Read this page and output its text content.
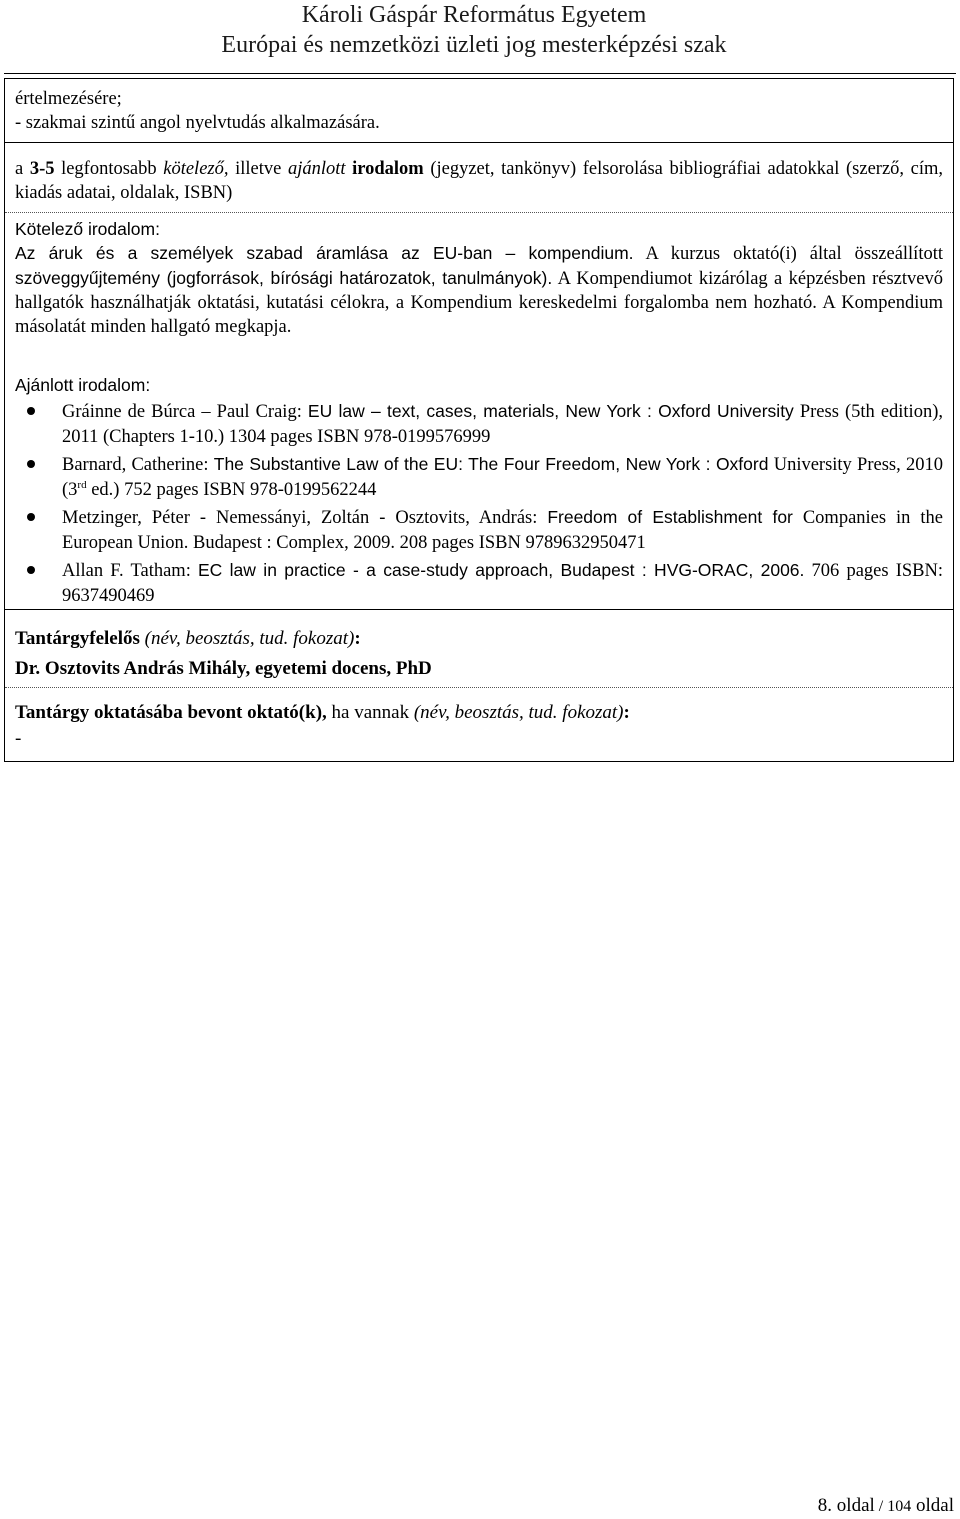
Károli Gáspár Református Egyetem
Európai és nemzetközi üzleti jog mesterképzési szak
értelmezésére;
- szakmai szintű angol nyelvtudás alkalmazására.
a 3-5 legfontosabb kötelező, illetve ajánlott irodalom (jegyzet, tankönyv) felsorolása bibliográfiai adatokkal (szerző, cím, kiadás adatai, oldalak, ISBN)
Kötelező irodalom:
Az áruk és a személyek szabad áramlása az EU-ban – kompendium. A kurzus oktató(i) által összeállított szöveggyűjtemény (jogforrások, bírósági határozatok, tanulmányok). A Kompendiumot kizárólag a képzésben résztvevő hallgatók használhatják oktatási, kutatási célokra, a Kompendium kereskedelmi forgalomba nem hozható. A Kompendium másolatát minden hallgató megkapja.
Ajánlott irodalom:
Gráinne de Búrca – Paul Craig: EU law – text, cases, materials, New York : Oxford University Press (5th edition), 2011 (Chapters 1-10.) 1304 pages ISBN 978-0199576999
Barnard, Catherine: The Substantive Law of the EU: The Four Freedom, New York : Oxford University Press, 2010 (3rd ed.) 752 pages ISBN 978-0199562244
Metzinger, Péter - Nemessányi, Zoltán - Osztovits, András: Freedom of Establishment for Companies in the European Union. Budapest : Complex, 2009. 208 pages ISBN 9789632950471
Allan F. Tatham: EC law in practice - a case-study approach, Budapest : HVG-ORAC, 2006. 706 pages ISBN: 9637490469
Tantárgyfelelős (név, beosztás, tud. fokozat):
Dr. Osztovits András Mihály, egyetemi docens, PhD
Tantárgy oktatásába bevont oktató(k), ha vannak (név, beosztás, tud. fokozat):
-
8. oldal / 104 oldal
